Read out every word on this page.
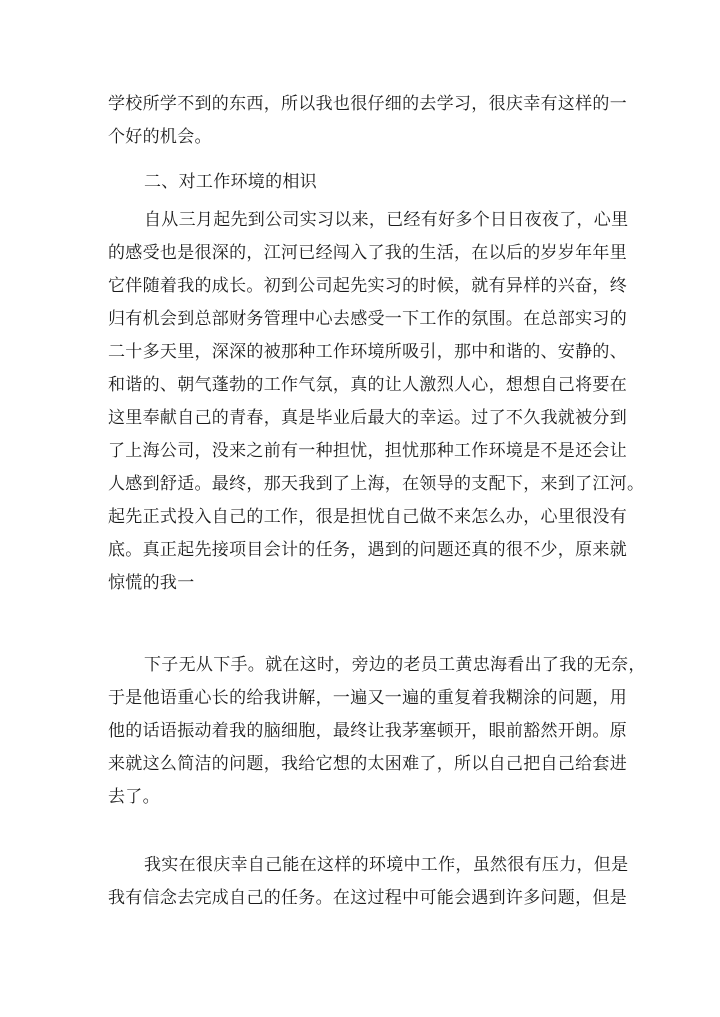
学校所学不到的东西，所以我也很仔细的去学习，很庆幸有这样的一
个好的机会。
二、对工作环境的相识
自从三月起先到公司实习以来，已经有好多个日日夜夜了，心里
的感受也是很深的，江河已经闯入了我的生活，在以后的岁岁年年里
它伴随着我的成长。初到公司起先实习的时候，就有异样的兴奋，终
归有机会到总部财务管理中心去感受一下工作的氛围。在总部实习的
二十多天里，深深的被那种工作环境所吸引，那中和谐的、安静的、
和谐的、朝气蓬勃的工作气氛，真的让人激烈人心，想想自己将要在
这里奉献自己的青春，真是毕业后最大的幸运。过了不久我就被分到
了上海公司，没来之前有一种担忧，担忧那种工作环境是不是还会让
人感到舒适。最终，那天我到了上海，在领导的支配下，来到了江河。
起先正式投入自己的工作，很是担忧自己做不来怎么办，心里很没有
底。真正起先接项目会计的任务，遇到的问题还真的很不少，原来就
惊慌的我一
下子无从下手。就在这时，旁边的老员工黄忠海看出了我的无奈，
于是他语重心长的给我讲解，一遍又一遍的重复着我糊涂的问题，用
他的话语振动着我的脑细胞，最终让我茅塞顿开，眼前豁然开朗。原
来就这么简洁的问题，我给它想的太困难了，所以自己把自己给套进
去了。
我实在很庆幸自己能在这样的环境中工作，虽然很有压力，但是
我有信念去完成自己的任务。在这过程中可能会遇到许多问题，但是
